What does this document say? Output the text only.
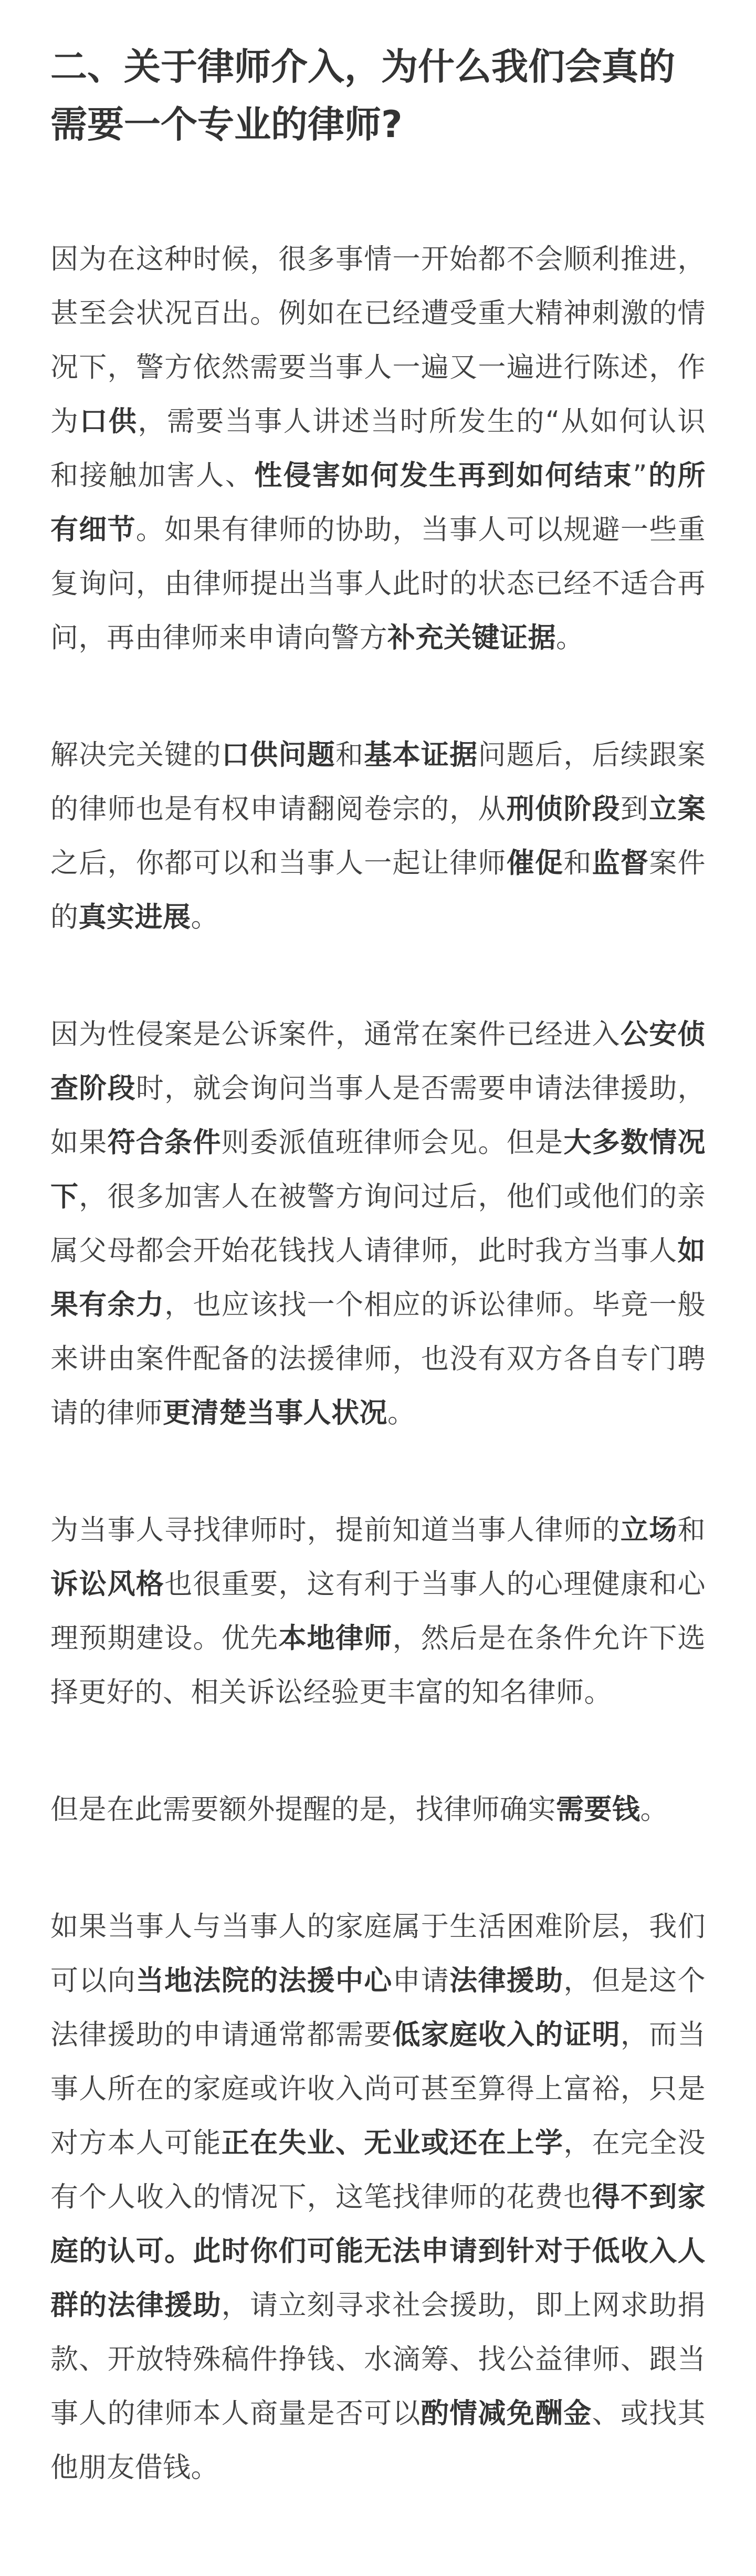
二、关于律师介入，为什么我们会真的需要一个专业的律师?

因为在这种时候，很多事情一开始都不会顺利推进，甚至会状况百出。例如在已经遭受重大精神刺激的情况下，警方依然需要当事人一遍又一遍进行陈述，作为口供，需要当事人讲述当时所发生的“从如何认识和接触加害人、性侵害如何发生再到如何结束”的所有细节。如果有律师的协助，当事人可以规避一些重复询问，由律师提出当事人此时的状态已经不适合再问，再由律师来申请向警方补充关键证据。

解决完关键的口供问题和基本证据问题后，后续跟案的律师也是有权申请翻阅卷宗的，从刑侦阶段到立案之后，你都可以和当事人一起让律师催促和监督案件的真实进展。

因为性侵案是公诉案件，通常在案件已经进入公安侦查阶段时，就会询问当事人是否需要申请法律援助，如果符合条件则委派值班律师会见。但是大多数情况下，很多加害人在被警方询问过后，他们或他们的亲属父母都会开始花钱找人请律师，此时我方当事人如果有余力，也应该找一个相应的诉讼律师。毕竟一般来讲由案件配备的法援律师，也没有双方各自专门聘请的律师更清楚当事人状况。

为当事人寻找律师时，提前知道当事人律师的立场和诉讼风格也很重要，这有利于当事人的心理健康和心理预期建设。优先本地律师，然后是在条件允许下选择更好的、相关诉讼经验更丰富的知名律师。

但是在此需要额外提醒的是，找律师确实需要钱。

如果当事人与当事人的家庭属于生活困难阶层，我们可以向当地法院的法援中心申请法律援助，但是这个法律援助的申请通常都需要低家庭收入的证明，而当事人所在的家庭或许收入尚可甚至算得上富裕，只是对方本人可能正在失业、无业或还在上学，在完全没有个人收入的情况下，这笔找律师的花费也得不到家庭的认可。此时你们可能无法申请到针对于低收入人群的法律援助，请立刻寻求社会援助，即上网求助捐款、开放特殊稿件挣钱、水滴筹、找公益律师、跟当事人的律师本人商量是否可以酌情减免酬金、或找其他朋友借钱。
